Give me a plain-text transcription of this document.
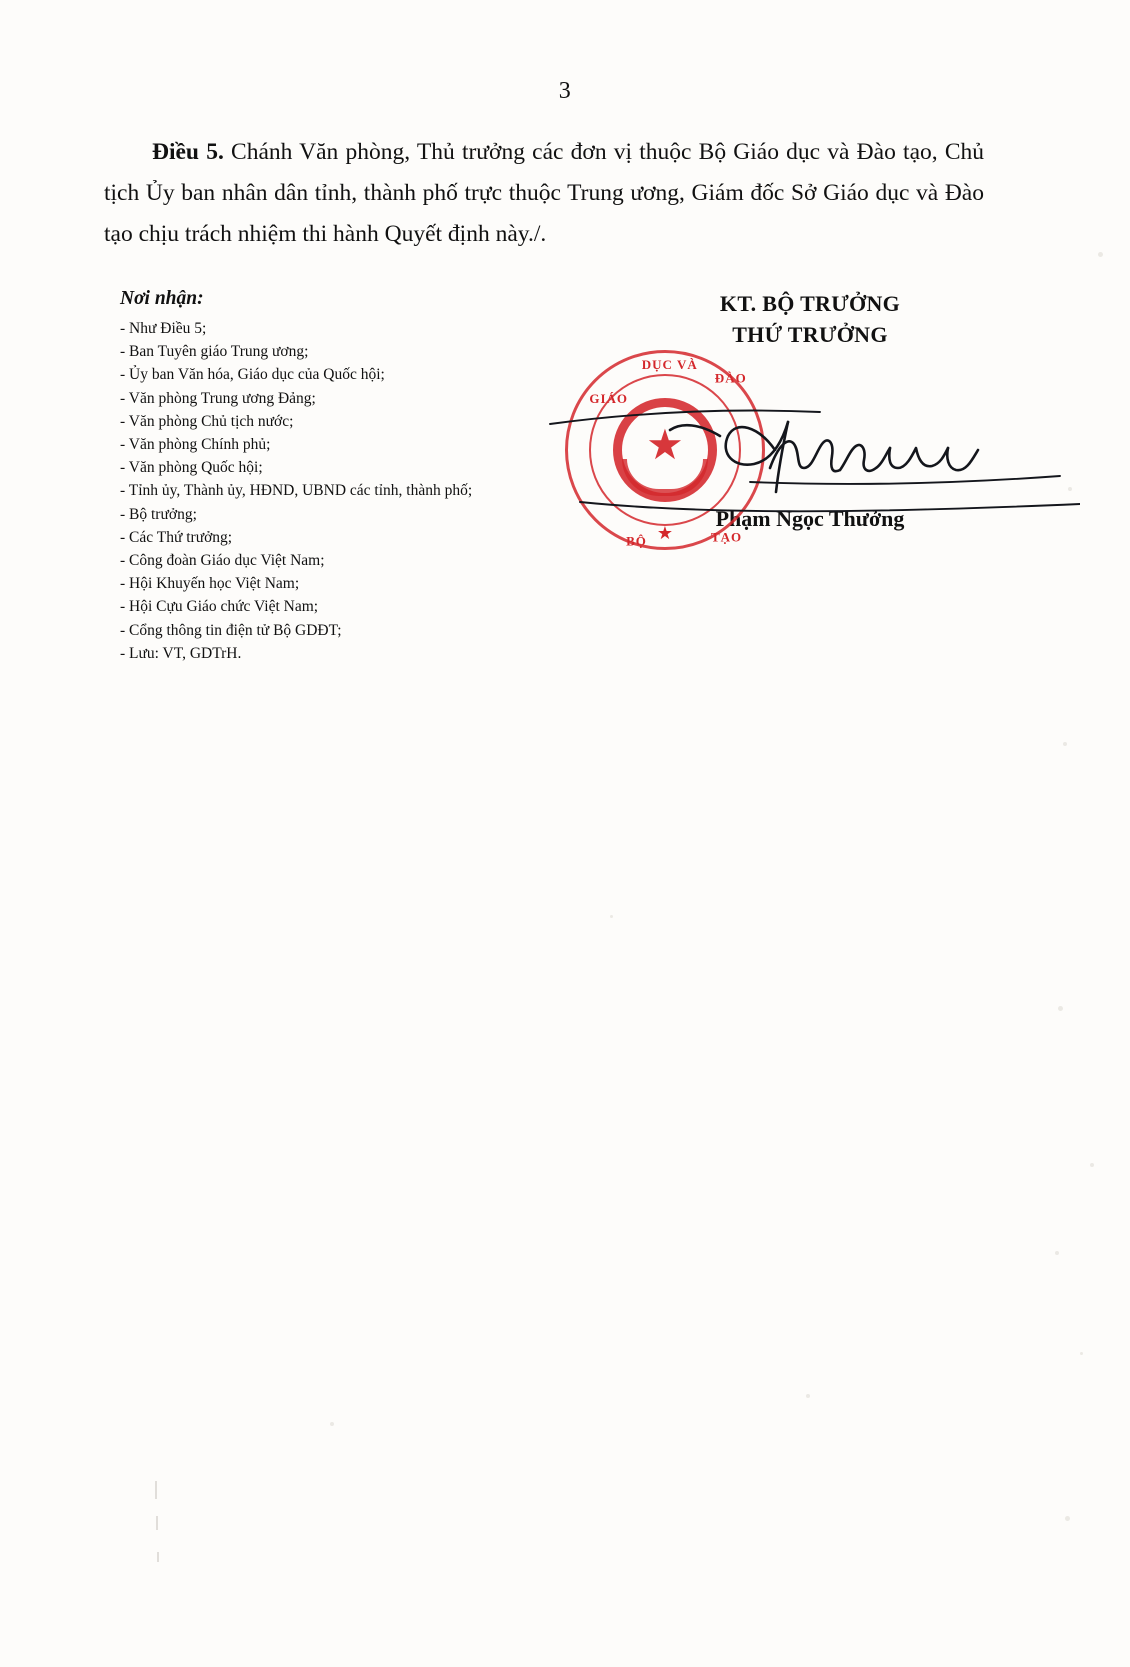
3
Điều 5. Chánh Văn phòng, Thủ trưởng các đơn vị thuộc Bộ Giáo dục và Đào tạo, Chủ tịch Ủy ban nhân dân tỉnh, thành phố trực thuộc Trung ương, Giám đốc Sở Giáo dục và Đào tạo chịu trách nhiệm thi hành Quyết định này./.
Nơi nhận:
- Như Điều 5;
- Ban Tuyên giáo Trung ương;
- Ủy ban Văn hóa, Giáo dục của Quốc hội;
- Văn phòng Trung ương Đảng;
- Văn phòng Chủ tịch nước;
- Văn phòng Chính phủ;
- Văn phòng Quốc hội;
- Tỉnh ủy, Thành ủy, HĐND, UBND các tỉnh, thành phố;
- Bộ trưởng;
- Các Thứ trưởng;
- Công đoàn Giáo dục Việt Nam;
- Hội Khuyến học Việt Nam;
- Hội Cựu Giáo chức Việt Nam;
- Cổng thông tin điện tử Bộ GDĐT;
- Lưu: VT, GDTrH.
KT. BỘ TRƯỞNG
THỨ TRƯỞNG
Phạm Ngọc Thưởng
GIÁO
DỤC VÀ
ĐÀO
BỘ	TẠO
★
★
